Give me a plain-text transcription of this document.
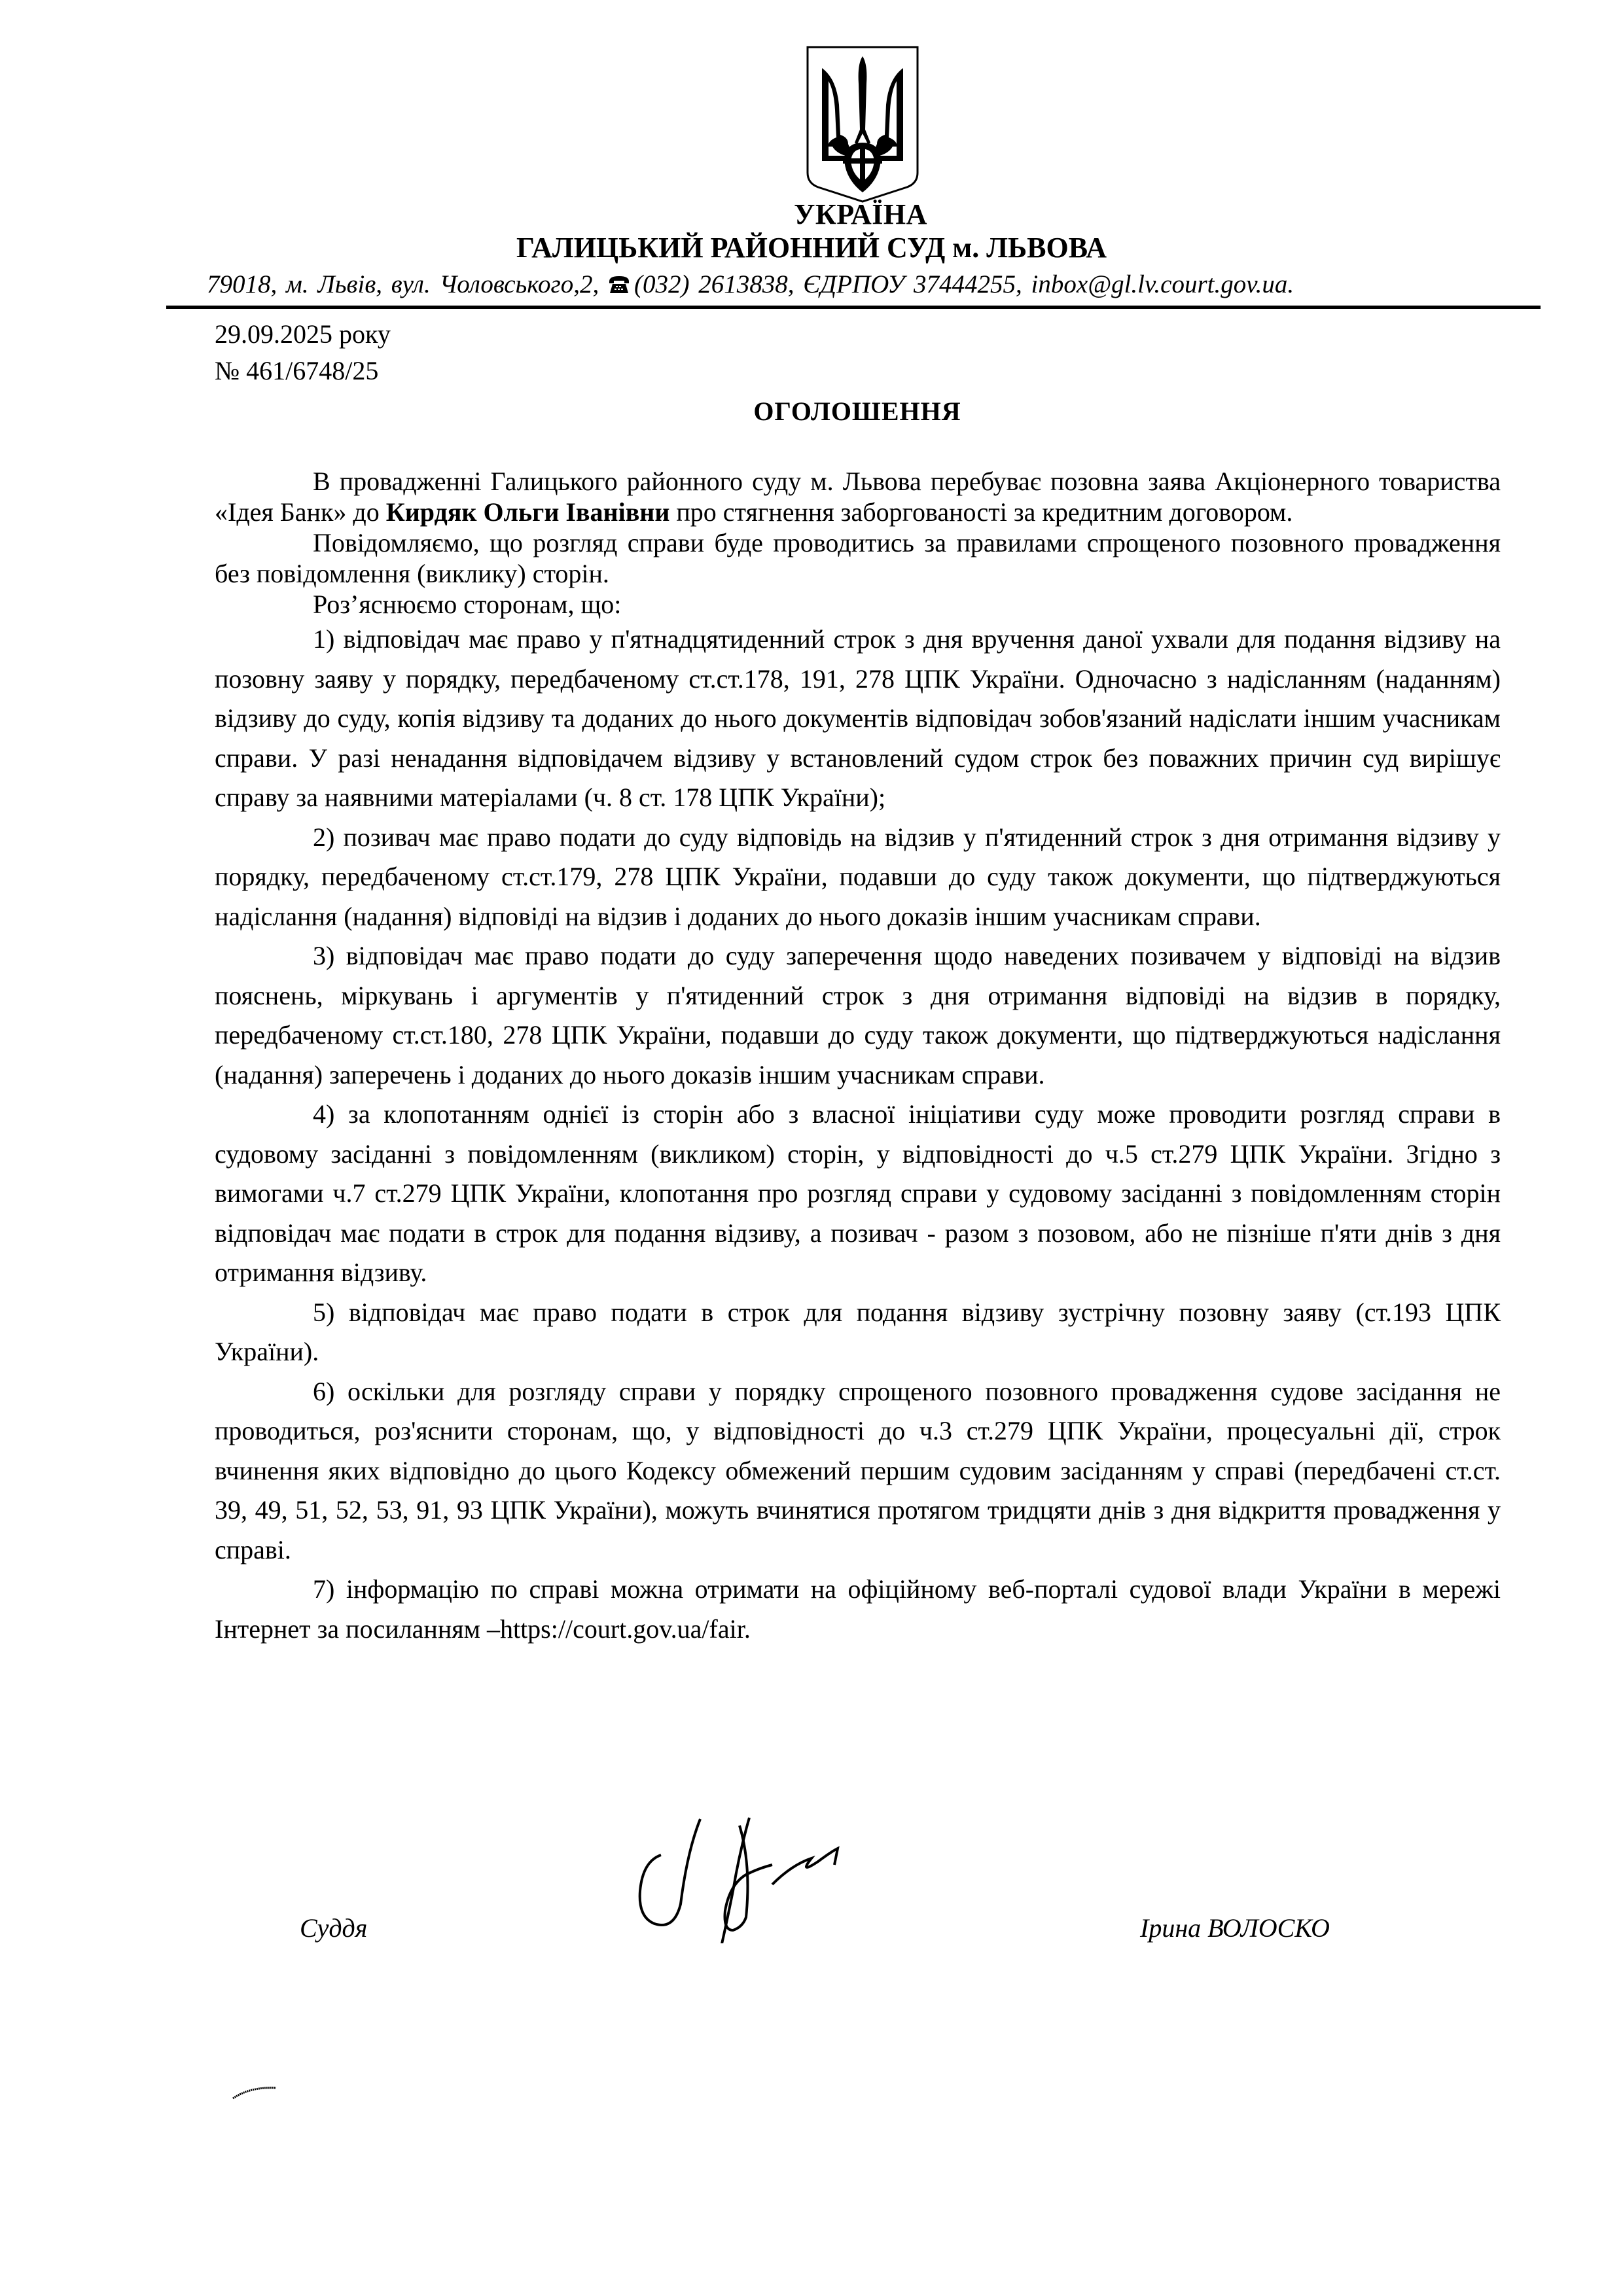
УКРАЇНА
ГАЛИЦЬКИЙ РАЙОННИЙ СУД м. ЛЬВОВА
79018, м. Львів, вул. Чоловського,2, (032) 2613838, ЄДРПОУ 37444255, inbox@gl.lv.court.gov.ua.
29.09.2025 року
№ 461/6748/25
ОГОЛОШЕННЯ

В провадженні Галицького районного суду м. Львова перебуває позовна заява Акціонерного товариства «Ідея Банк» до Кирдяк Ольги Іванівни про стягнення заборгованості за кредитним договором.

Повідомляємо, що розгляд справи буде проводитись за правилами спрощеного позовного провадження без повідомлення (виклику) сторін.

Роз’яснюємо сторонам, що:

1) відповідач має право у п'ятнадцятиденний строк з дня вручення даної ухвали для подання відзиву на позовну заяву у порядку, передбаченому ст.ст.178, 191, 278 ЦПК України. Одночасно з надісланням (наданням) відзиву до суду, копія відзиву та доданих до нього документів відповідач зобов'язаний надіслати іншим учасникам справи. У разі ненадання відповідачем відзиву у встановлений судом строк без поважних причин суд вирішує справу за наявними матеріалами (ч. 8 ст. 178 ЦПК України);

2) позивач має право подати до суду відповідь на відзив у п'ятиденний строк з дня отримання відзиву у порядку, передбаченому ст.ст.179, 278 ЦПК України, подавши до суду також документи, що підтверджуються надіслання (надання) відповіді на відзив і доданих до нього доказів іншим учасникам справи.

3) відповідач має право подати до суду заперечення щодо наведених позивачем у відповіді на відзив пояснень, міркувань і аргументів у п'ятиденний строк з дня отримання відповіді на відзив в порядку, передбаченому ст.ст.180, 278 ЦПК України, подавши до суду також документи, що підтверджуються надіслання (надання) заперечень і доданих до нього доказів іншим учасникам справи.

4) за клопотанням однієї із сторін або з власної ініціативи суду може проводити розгляд справи в судовому засіданні з повідомленням (викликом) сторін, у відповідності до ч.5 ст.279 ЦПК України. Згідно з вимогами ч.7 ст.279 ЦПК України, клопотання про розгляд справи у судовому засіданні з повідомленням сторін відповідач має подати в строк для подання відзиву, а позивач - разом з позовом, або не пізніше п'яти днів з дня отримання відзиву.

5) відповідач має право подати в строк для подання відзиву зустрічну позовну заяву (ст.193 ЦПК України).

6) оскільки для розгляду справи у порядку спрощеного позовного провадження судове засідання не проводиться, роз'яснити сторонам, що, у відповідності до ч.3 ст.279 ЦПК України, процесуальні дії, строк вчинення яких відповідно до цього Кодексу обмежений першим судовим засіданням у справі (передбачені ст.ст. 39, 49, 51, 52, 53, 91, 93 ЦПК України), можуть вчинятися протягом тридцяти днів з дня відкриття провадження у справі.

7) інформацію по справі можна отримати на офіційному веб-порталі судової влади України в мережі Інтернет за посиланням –https://court.gov.ua/fair.

Суддя	Ірина ВОЛОСКО
